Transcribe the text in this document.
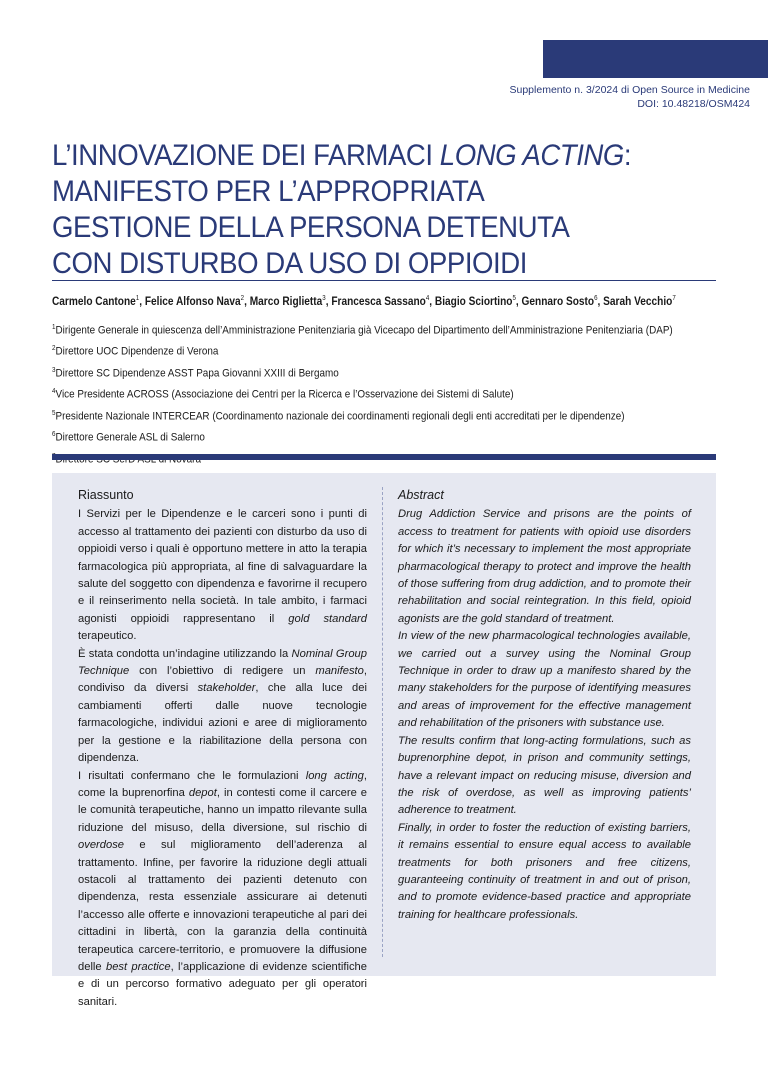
Supplemento n. 3/2024 di Open Source in Medicine
DOI: 10.48218/OSM424
L’INNOVAZIONE DEI FARMACI LONG ACTING:
MANIFESTO PER L’APPROPRIATA
GESTIONE DELLA PERSONA DETENUTA
CON DISTURBO DA USO DI OPPIOIDI
Carmelo Cantone$^1$, Felice Alfonso Nava$^2$, Marco Riglietta$^3$, Francesca Sassano$^4$, Biagio Sciortino$^5$, Gennaro Sosto$^6$, Sarah Vecchio$^7$
$^1$Dirigente Generale in quiescenza dell’Amministrazione Penitenziaria già Vicecapo del Dipartimento dell’Amministrazione Penitenziaria (DAP)
$^2$Direttore UOC Dipendenze di Verona
$^3$Direttore SC Dipendenze ASST Papa Giovanni XXIII di Bergamo
$^4$Vice Presidente ACROSS (Associazione dei Centri per la Ricerca e l’Osservazione dei Sistemi di Salute)
$^5$Presidente Nazionale INTERCEAR (Coordinamento nazionale dei coordinamenti regionali degli enti accreditati per le dipendenze)
$^6$Direttore Generale ASL di Salerno
Riassunto

I Servizi per le Dipendenze e le carceri sono i punti di accesso al trattamento dei pazienti con disturbo da uso di oppioidi verso i quali è opportuno mettere in atto la terapia farmacologica più appropriata, al fine di salvaguardare la salute del soggetto con dipendenza e favorirne il recupero e il reinserimento nella società. In tale ambito, i farmaci agonisti oppioidi rappresentano il gold standard terapeutico.

È stata condotta un’indagine utilizzando la Nominal Group Technique con l’obiettivo di redigere un manifesto, condiviso da diversi stakeholder, che alla luce dei cambiamenti offerti dalle nuove tecnologie farmacologiche, individui azioni e aree di miglioramento per la gestione e la riabilitazione della persona con dipendenza.

I risultati confermano che le formulazioni long acting, come la buprenorfina depot, in contesti come il carcere e le comunità terapeutiche, hanno un impatto rilevante sulla riduzione del misuso, della diversione, sul rischio di overdose e sul miglioramento dell’aderenza al trattamento. Infine, per favorire la riduzione degli attuali ostacoli al trattamento dei pazienti detenuto con dipendenza, resta essenziale assicurare ai detenuti l’accesso alle offerte e innovazioni terapeutiche al pari dei cittadini in libertà, con la garanzia della continuità terapeutica carcere-territorio, e promuovere la diffusione delle best practice, l’applicazione di evidenze scientifiche e di un percorso formativo adeguato per gli operatori sanitari.

Abstract

Drug Addiction Service and prisons are the points of access to treatment for patients with opioid use disorders for which it’s necessary to implement the most appropriate pharmacological therapy to protect and improve the health of those suffering from drug addiction, and to promote their rehabilitation and social reintegration. In this field, opioid agonists are the gold standard of treatment.

In view of the new pharmacological technologies available, we carried out a survey using the Nominal Group Technique in order to draw up a manifesto shared by the many stakeholders for the purpose of identifying measures and areas of improvement for the effective management and rehabilitation of the prisoners with substance use.

The results confirm that long-acting formulations, such as buprenorphine depot, in prison and community settings, have a relevant impact on reducing misuse, diversion and the risk of overdose, as well as improving patients’ adherence to treatment.

Finally, in order to foster the reduction of existing barriers, it remains essential to ensure equal access to available treatments for both prisoners and free citizens, guaranteeing continuity of treatment in and out of prison, and to promote evidence-based practice and appropriate training for healthcare professionals.
